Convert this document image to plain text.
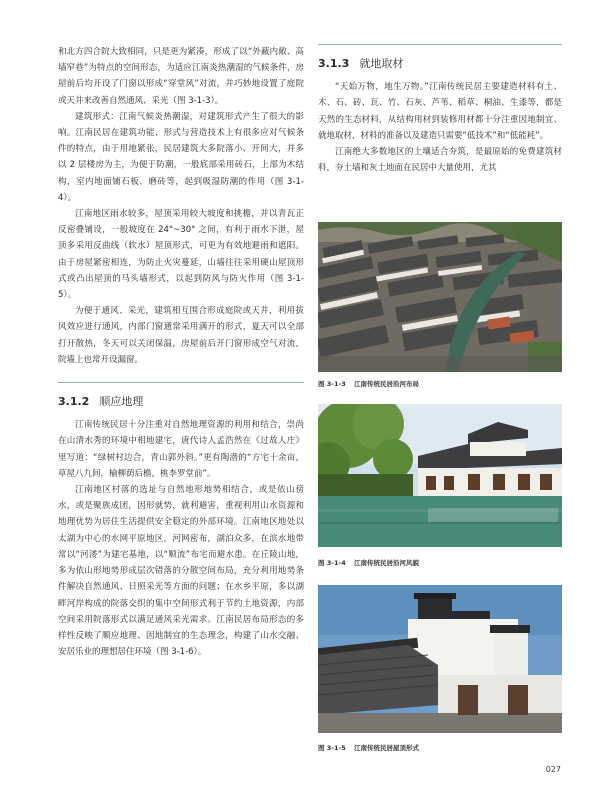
和北方四合院大致相同，只是更为紧凑，形成了以“外蔽内敞、高墙窄巷”为特点的空间形态，为适应江南炎热潮湿的气候条件，房屋前后均开设了门窗以形成“穿堂风”对流，并巧妙地设置了庭院或天井来改善自然通风、采光（图 3-1-3）。

建筑形式：江南气候炎热潮湿，对建筑形式产生了很大的影响。江南民居在建筑功能、形式与营造技术上有很多应对气候条件的特点，由于用地紧张，民居建筑大多院落小、开间大，并多以 2 层楼房为主，为便于防潮，一般底部采用砖石，上部为木结构，室内地面铺石板、磨砖等，起到吸湿防潮的作用（图 3-1-4）。

江南地区雨水较多，屋顶采用较大坡度和挑檐，并以青瓦正反密叠铺设，一般坡度在 24°~30° 之间，有利于雨水下泄，屋顶多采用反曲线（软水）屋顶形式，可更为有效地避雨和遮阳。由于房屋紧密相连，为防止火灾蔓延，山墙往往采用硬山屋顶形式或凸出屋顶的马头墙形式，以起到防风与防火作用（图 3-1-5）。

为便于通风、采光，建筑相互围合形成庭院或天井，利用拔风效应进行通风，内部门窗通常采用满开的形式，夏天可以全部打开散热，冬天可以关闭保温，房屋前后开门窗形成空气对流，院墙上也常开设漏窗。

3.1.2 顺应地理

江南传统民居十分注重对自然地理资源的利用和结合，崇尚在山清水秀的环境中相地建宅，唐代诗人孟浩然在《过故人庄》里写道：“绿树村边合，青山郭外斜。”更有陶潜的“方宅十余亩，草屋八九间，榆柳荫后檐，桃李罗堂前”。

江南地区村落的选址与自然地形地势相结合，或是依山傍水，或是聚族成团，因形就势，就利避害，重视利用山水资源和地理优势为居住生活提供安全稳定的外部环境。江南地区地处以太湖为中心的水网平原地区，河网密布，湖泊众多，在滨水地带常以“河溇”为建宅基地，以“顺流”布宅而避水患。在丘陵山地，多为依山形地势形成层次错落的分散空间布局，充分利用地势条件解决自然通风、日照采光等方面的问题；在水乡平原，多以湖畔河岸构成的院落交织的集中空间形式利于节约土地资源，内部空间采用院落形式以满足通风采光需求。江南民居布局形态的多样性反映了顺应地理、因地制宜的生态理念，构建了山水交融、安居乐业的理想居住环境（图 3-1-6）。

3.1.3 就地取材

“天始万物，地生万物。”江南传统民居主要建造材料有土、木、石、砖、瓦、竹、石灰、芦苇、稻草、桐油、生漆等，都是天然的生态材料，从结构用材到装修用材都十分注重因地制宜、就地取材，材料的准备以及建造只需要“低技术”和“低能耗”。

江南绝大多数地区的土壤适合夯筑，是最原始的免费建筑材料，夯土墙和灰土地面在民居中大量使用，尤其

图 3-1-3 江南传统民居沿河布局
图 3-1-4 江南传统民居沿河风貌
图 3-1-5 江南传统民居屋顶形式
027
